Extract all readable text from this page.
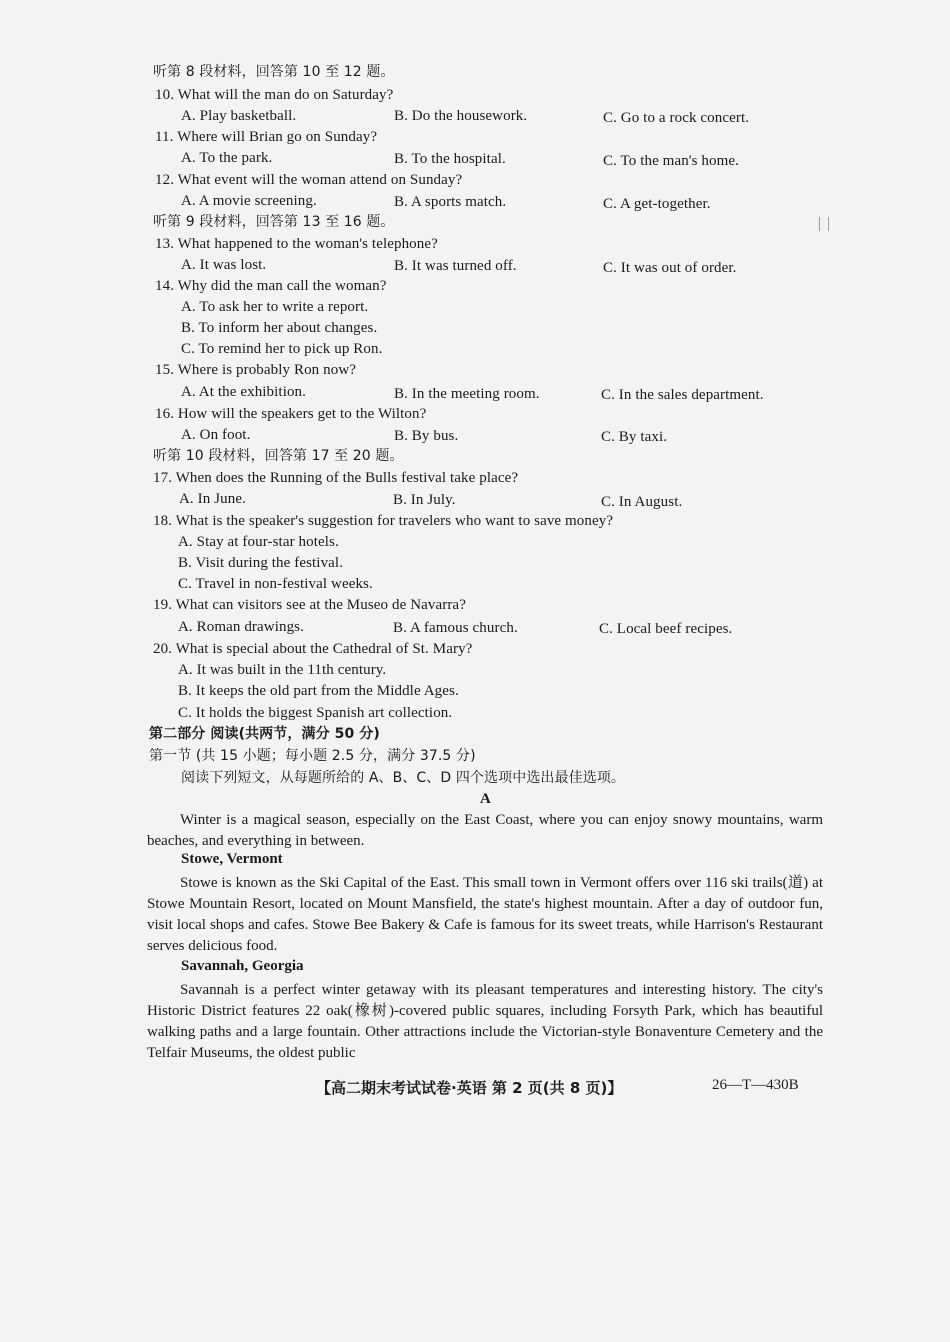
听第 8 段材料，回答第 10 至 12 题。
10. What will the man do on Saturday?
A. Play basketball.	B. Do the housework.	C. Go to a rock concert.
11. Where will Brian go on Sunday?
A. To the park.	B. To the hospital.	C. To the man's home.
12. What event will the woman attend on Sunday?
A. A movie screening.	B. A sports match.	C. A get-together.
听第 9 段材料，回答第 13 至 16 题。
13. What happened to the woman's telephone?
A. It was lost.	B. It was turned off.	C. It was out of order.
14. Why did the man call the woman?
A. To ask her to write a report.
B. To inform her about changes.
C. To remind her to pick up Ron.
15. Where is probably Ron now?
A. At the exhibition.	B. In the meeting room.	C. In the sales department.
16. How will the speakers get to the Wilton?
A. On foot.	B. By bus.	C. By taxi.
听第 10 段材料，回答第 17 至 20 题。
17. When does the Running of the Bulls festival take place?
A. In June.	B. In July.	C. In August.
18. What is the speaker's suggestion for travelers who want to save money?
A. Stay at four-star hotels.
B. Visit during the festival.
C. Travel in non-festival weeks.
19. What can visitors see at the Museo de Navarra?
A. Roman drawings.	B. A famous church.	C. Local beef recipes.
20. What is special about the Cathedral of St. Mary?
A. It was built in the 11th century.
B. It keeps the old part from the Middle Ages.
C. It holds the biggest Spanish art collection.
第二部分 阅读(共两节，满分 50 分)
第一节 (共 15 小题；每小题 2.5 分，满分 37.5 分)
阅读下列短文，从每题所给的 A、B、C、D 四个选项中选出最佳选项。
A

Winter is a magical season, especially on the East Coast, where you can enjoy snowy mountains, warm beaches, and everything in between.

Stowe, Vermont

Stowe is known as the Ski Capital of the East. This small town in Vermont offers over 116 ski trails(道) at Stowe Mountain Resort, located on Mount Mansfield, the state's highest mountain. After a day of outdoor fun, visit local shops and cafes. Stowe Bee Bakery & Cafe is famous for its sweet treats, while Harrison's Restaurant serves delicious food.

Savannah, Georgia

Savannah is a perfect winter getaway with its pleasant temperatures and interesting history. The city's Historic District features 22 oak(橡树)-covered public squares, including Forsyth Park, which has beautiful walking paths and a large fountain. Other attractions include the Victorian-style Bonaventure Cemetery and the Telfair Museums, the oldest public

【高二期末考试试卷·英语 第 2 页(共 8 页)】	26—T—430B
